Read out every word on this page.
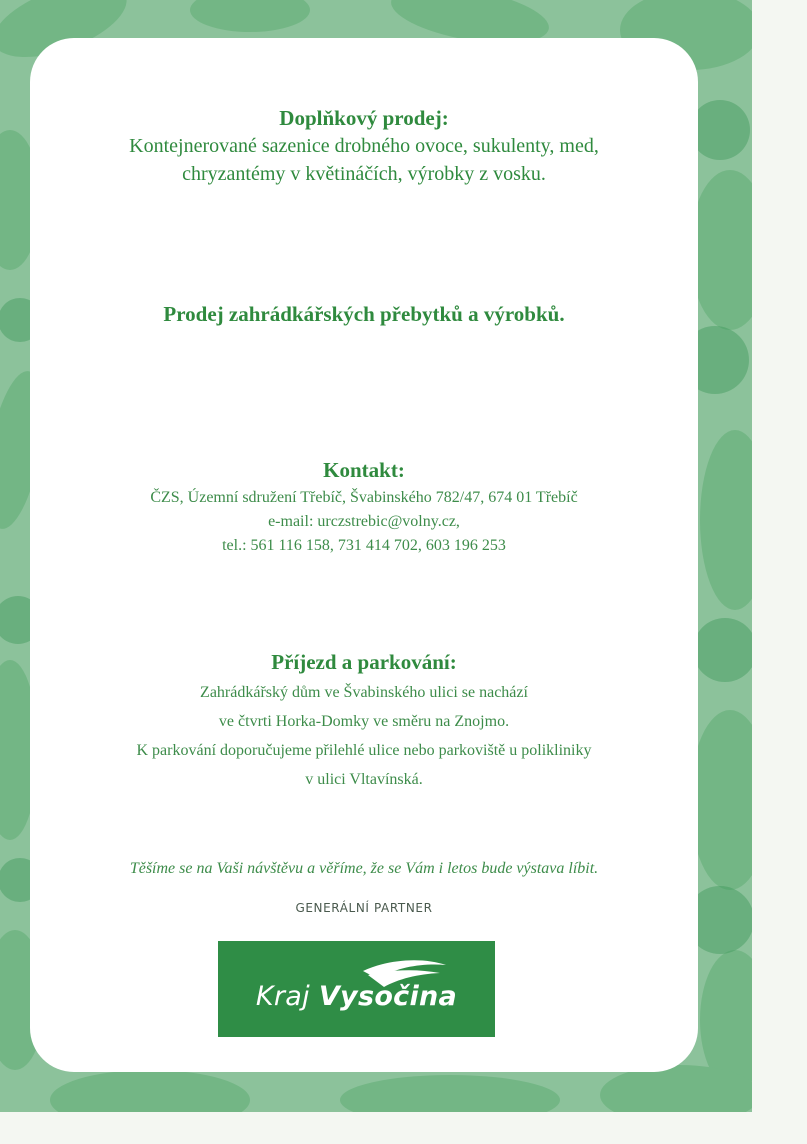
Doplňkový prodej:
Kontejnerované sazenice drobného ovoce, sukulenty, med,
chryzantémy v květináčích, výrobky z vosku.
Prodej zahrádkářských přebytků a výrobků.
Kontakt:
ČZS, Územní sdružení Třebíč, Švabinského 782/47, 674 01 Třebíč
e-mail: urczstrebic@volny.cz,
tel.: 561 116 158, 731 414 702, 603 196 253
Příjezd a parkování:
Zahrádkářský dům ve Švabinského ulici se nachází
ve čtvrti Horka-Domky ve směru na Znojmo.
K parkování doporučujeme přilehlé ulice nebo parkoviště u polikliniky
v ulici Vltavínská.
Těšíme se na Vaši návštěvu a věříme, že se Vám i letos bude výstava líbit.
GENERÁLNÍ PARTNER
Kraj Vysočina
